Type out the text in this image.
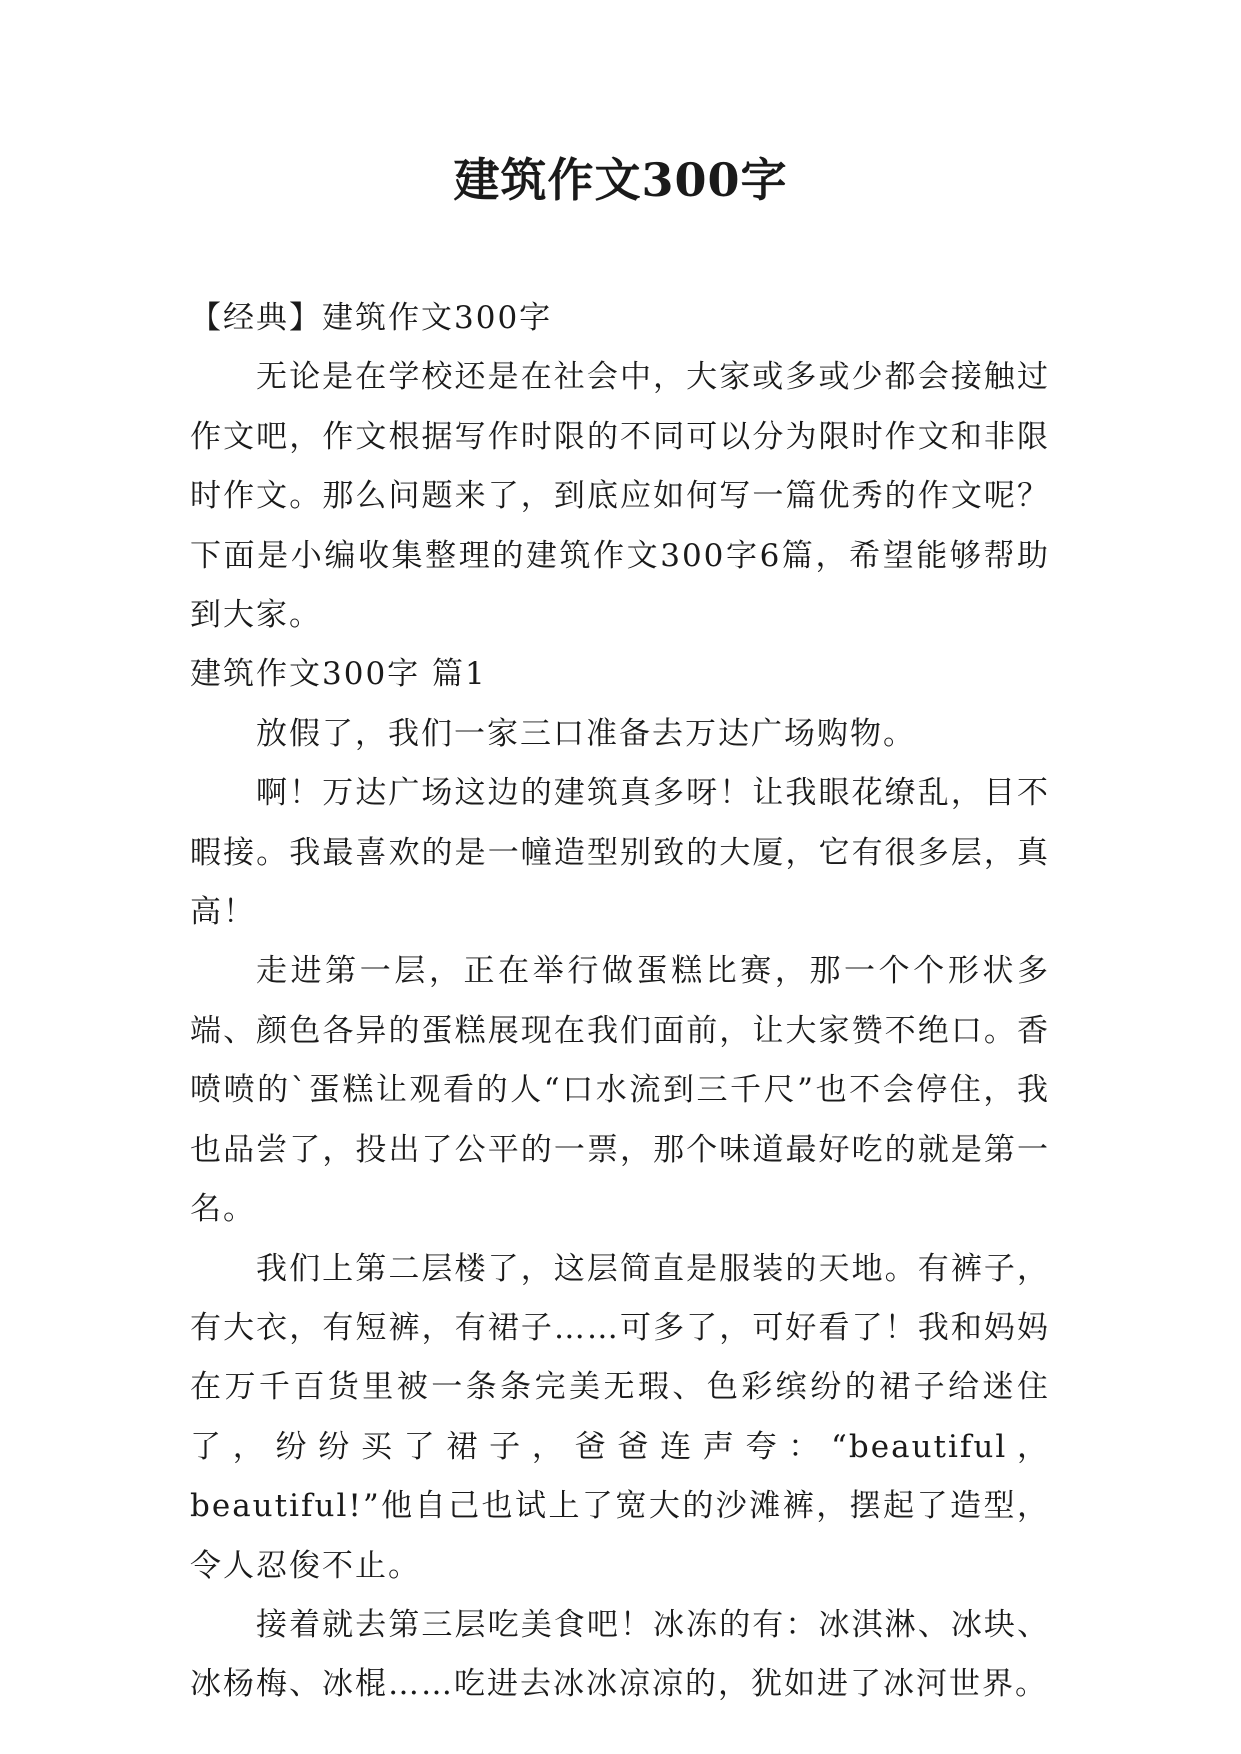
建筑作文300字

【经典】建筑作文300字

无论是在学校还是在社会中，大家或多或少都会接触过作文吧，作文根据写作时限的不同可以分为限时作文和非限时作文。那么问题来了，到底应如何写一篇优秀的作文呢？下面是小编收集整理的建筑作文300字6篇，希望能够帮助到大家。

建筑作文300字 篇1

放假了，我们一家三口准备去万达广场购物。

啊！万达广场这边的建筑真多呀！让我眼花缭乱，目不暇接。我最喜欢的是一幢造型别致的大厦，它有很多层，真高！

走进第一层，正在举行做蛋糕比赛，那一个个形状多端、颜色各异的蛋糕展现在我们面前，让大家赞不绝口。香喷喷的`蛋糕让观看的人“口水流到三千尺”也不会停住，我也品尝了，投出了公平的一票，那个味道最好吃的就是第一名。

我们上第二层楼了，这层简直是服装的天地。有裤子，有大衣，有短裤，有裙子……可多了，可好看了！我和妈妈在万千百货里被一条条完美无瑕、色彩缤纷的裙子给迷住了，纷纷买了裙子，爸爸连声夸：“beautiful，beautiful!”他自己也试上了宽大的沙滩裤，摆起了造型，令人忍俊不止。

接着就去第三层吃美食吧！冰冻的有：冰淇淋、冰块、冰杨梅、冰棍……吃进去冰冰凉凉的，犹如进了冰河世界。
